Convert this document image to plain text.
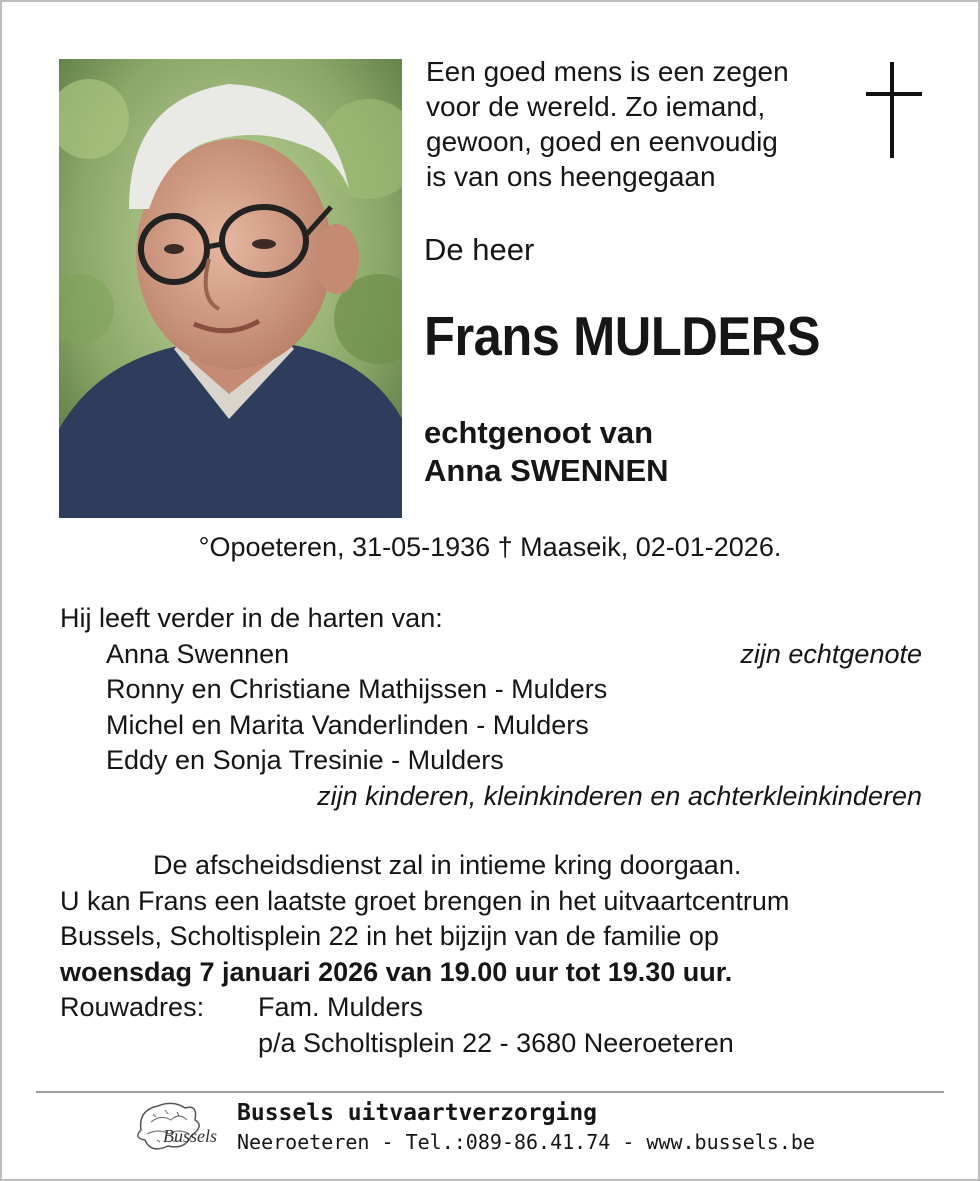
Een goed mens is een zegen
voor de wereld. Zo iemand,
gewoon, goed en eenvoudig
is van ons heengegaan
De heer
Frans MULDERS
echtgenoot van
Anna SWENNEN
°Opoeteren, 31-05-1936 † Maaseik, 02-01-2026.
Hij leeft verder in de harten van:
Anna Swennen	zijn echtgenote
Ronny en Christiane Mathijssen - Mulders
Michel en Marita Vanderlinden - Mulders
Eddy en Sonja Tresinie - Mulders
zijn kinderen, kleinkinderen en achterkleinkinderen
De afscheidsdienst zal in intieme kring doorgaan.
U kan Frans een laatste groet brengen in het uitvaartcentrum
Bussels, Scholtisplein 22 in het bijzijn van de familie op
woensdag 7 januari 2026 van 19.00 uur tot 19.30 uur.
Rouwadres: Fam. Mulders
p/a Scholtisplein 22 - 3680 Neeroeteren
Bussels
Bussels uitvaartverzorging
Neeroeteren - Tel.:089-86.41.74 - www.bussels.be
